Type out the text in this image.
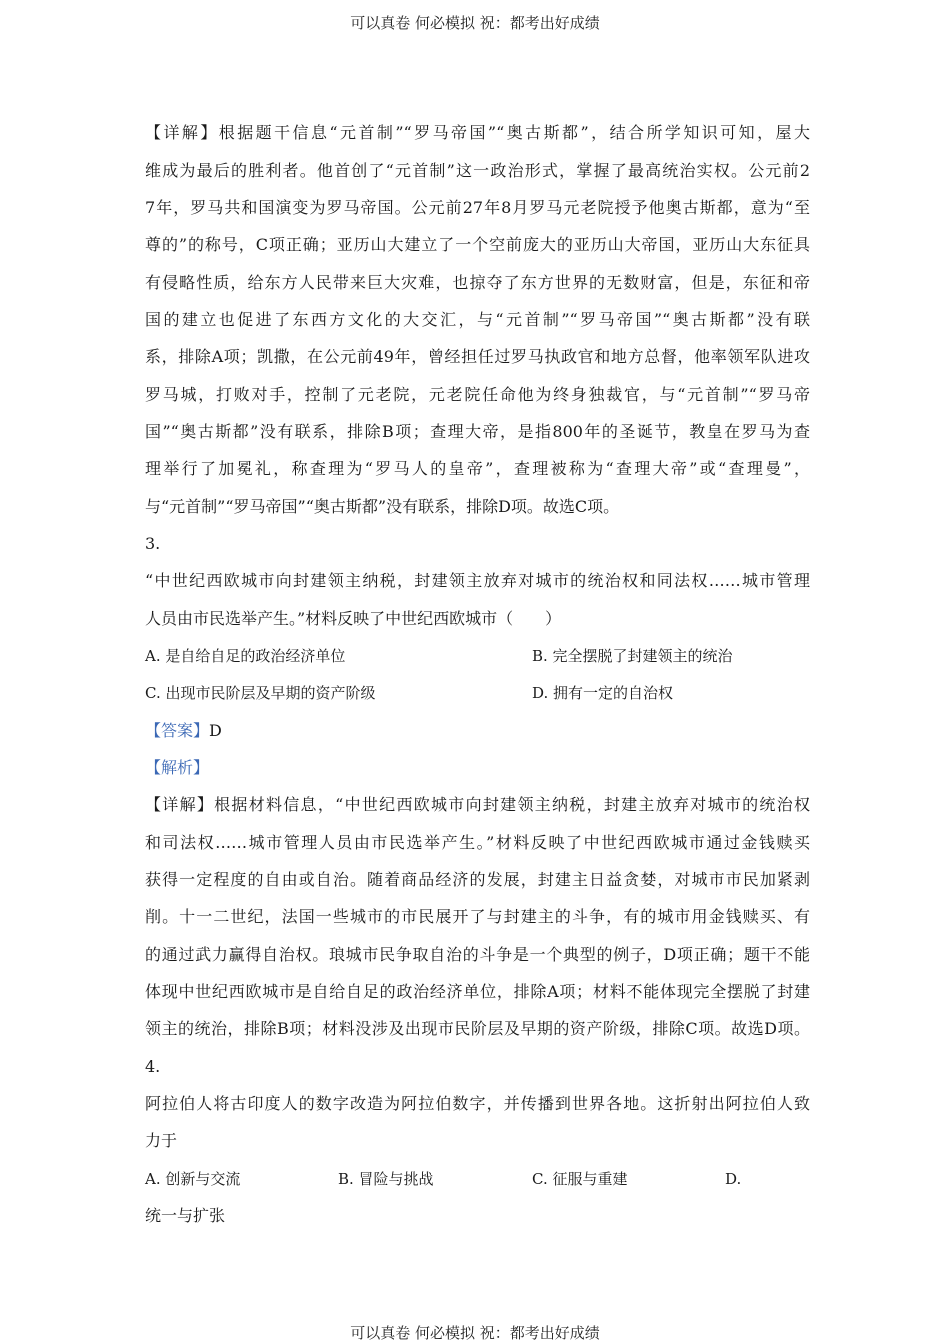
可以真卷 何必模拟 祝：都考出好成绩
【详解】根据题干信息“元首制”“罗马帝国”“奥古斯都”，结合所学知识可知，屋大
维成为最后的胜利者。他首创了“元首制”这一政治形式，掌握了最高统治实权。公元前2
7年，罗马共和国演变为罗马帝国。公元前27年8月罗马元老院授予他奥古斯都，意为“至
尊的”的称号，C项正确；亚历山大建立了一个空前庞大的亚历山大帝国，亚历山大东征具
有侵略性质，给东方人民带来巨大灾难，也掠夺了东方世界的无数财富，但是，东征和帝
国的建立也促进了东西方文化的大交汇，与“元首制”“罗马帝国”“奥古斯都”没有联
系，排除A项；凯撒，在公元前49年，曾经担任过罗马执政官和地方总督，他率领军队进攻
罗马城，打败对手，控制了元老院，元老院任命他为终身独裁官，与“元首制”“罗马帝
国”“奥古斯都”没有联系，排除B项；查理大帝，是指800年的圣诞节，教皇在罗马为查
理举行了加冕礼，称查理为“罗马人的皇帝”，查理被称为“查理大帝”或“查理曼”，
与“元首制”“罗马帝国”“奥古斯都”没有联系，排除D项。故选C项。
3.
“中世纪西欧城市向封建领主纳税，封建领主放弃对城市的统治权和同法权……城市管理
人员由市民选举产生。”材料反映了中世纪西欧城市（　　）
A. 是自给自足的政治经济单位	B. 完全摆脱了封建领主的统治
C. 出现市民阶层及早期的资产阶级	D. 拥有一定的自治权
【答案】D
【解析】
【详解】根据材料信息，“中世纪西欧城市向封建领主纳税，封建主放弃对城市的统治权
和司法权……城市管理人员由市民选举产生。”材料反映了中世纪西欧城市通过金钱赎买
获得一定程度的自由或自治。随着商品经济的发展，封建主日益贪婪，对城市市民加紧剥
削。十一二世纪，法国一些城市的市民展开了与封建主的斗争，有的城市用金钱赎买、有
的通过武力赢得自治权。琅城市民争取自治的斗争是一个典型的例子，D项正确；题干不能
体现中世纪西欧城市是自给自足的政治经济单位，排除A项；材料不能体现完全摆脱了封建
领主的统治，排除B项；材料没涉及出现市民阶层及早期的资产阶级，排除C项。故选D项。
4.
阿拉伯人将古印度人的数字改造为阿拉伯数字，并传播到世界各地。这折射出阿拉伯人致
力于
A. 创新与交流	B. 冒险与挑战	C. 征服与重建	D.
统一与扩张
可以真卷 何必模拟 祝：都考出好成绩
